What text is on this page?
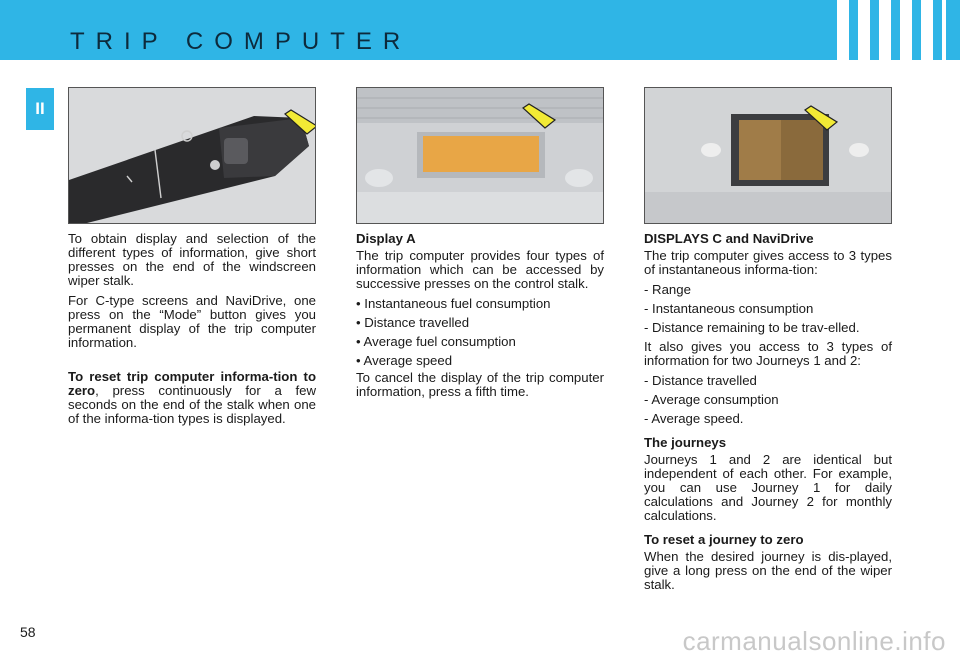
TRIP COMPUTER
II

To obtain display and selection of the different types of information, give short presses on the end of the windscreen wiper stalk.

For C-type screens and NaviDrive, one press on the “Mode” button gives you permanent display of the trip computer information.

To reset trip computer informa-tion to zero, press continuously for a few seconds on the end of the stalk when one of the informa-tion types is displayed.

Display A

The trip computer provides four types of information which can be accessed by successive presses on the control stalk.

• Instantaneous fuel consumption
• Distance travelled
• Average fuel consumption
• Average speed

To cancel the display of the trip computer information, press a fifth time.

DISPLAYS C and NaviDrive

The trip computer gives access to 3 types of instantaneous informa-tion:

- Range
- Instantaneous consumption
- Distance remaining to be trav-elled.

It also gives you access to 3 types of information for two Journeys 1 and 2:

- Distance travelled
- Average consumption
- Average speed.

The journeys

Journeys 1 and 2 are identical but independent of each other. For example, you can use Journey 1 for daily calculations and Journey 2 for monthly calculations.

To reset a journey to zero

When the desired journey is dis-played, give a long press on the end of the wiper stalk.

58	carmanualsonline.info
